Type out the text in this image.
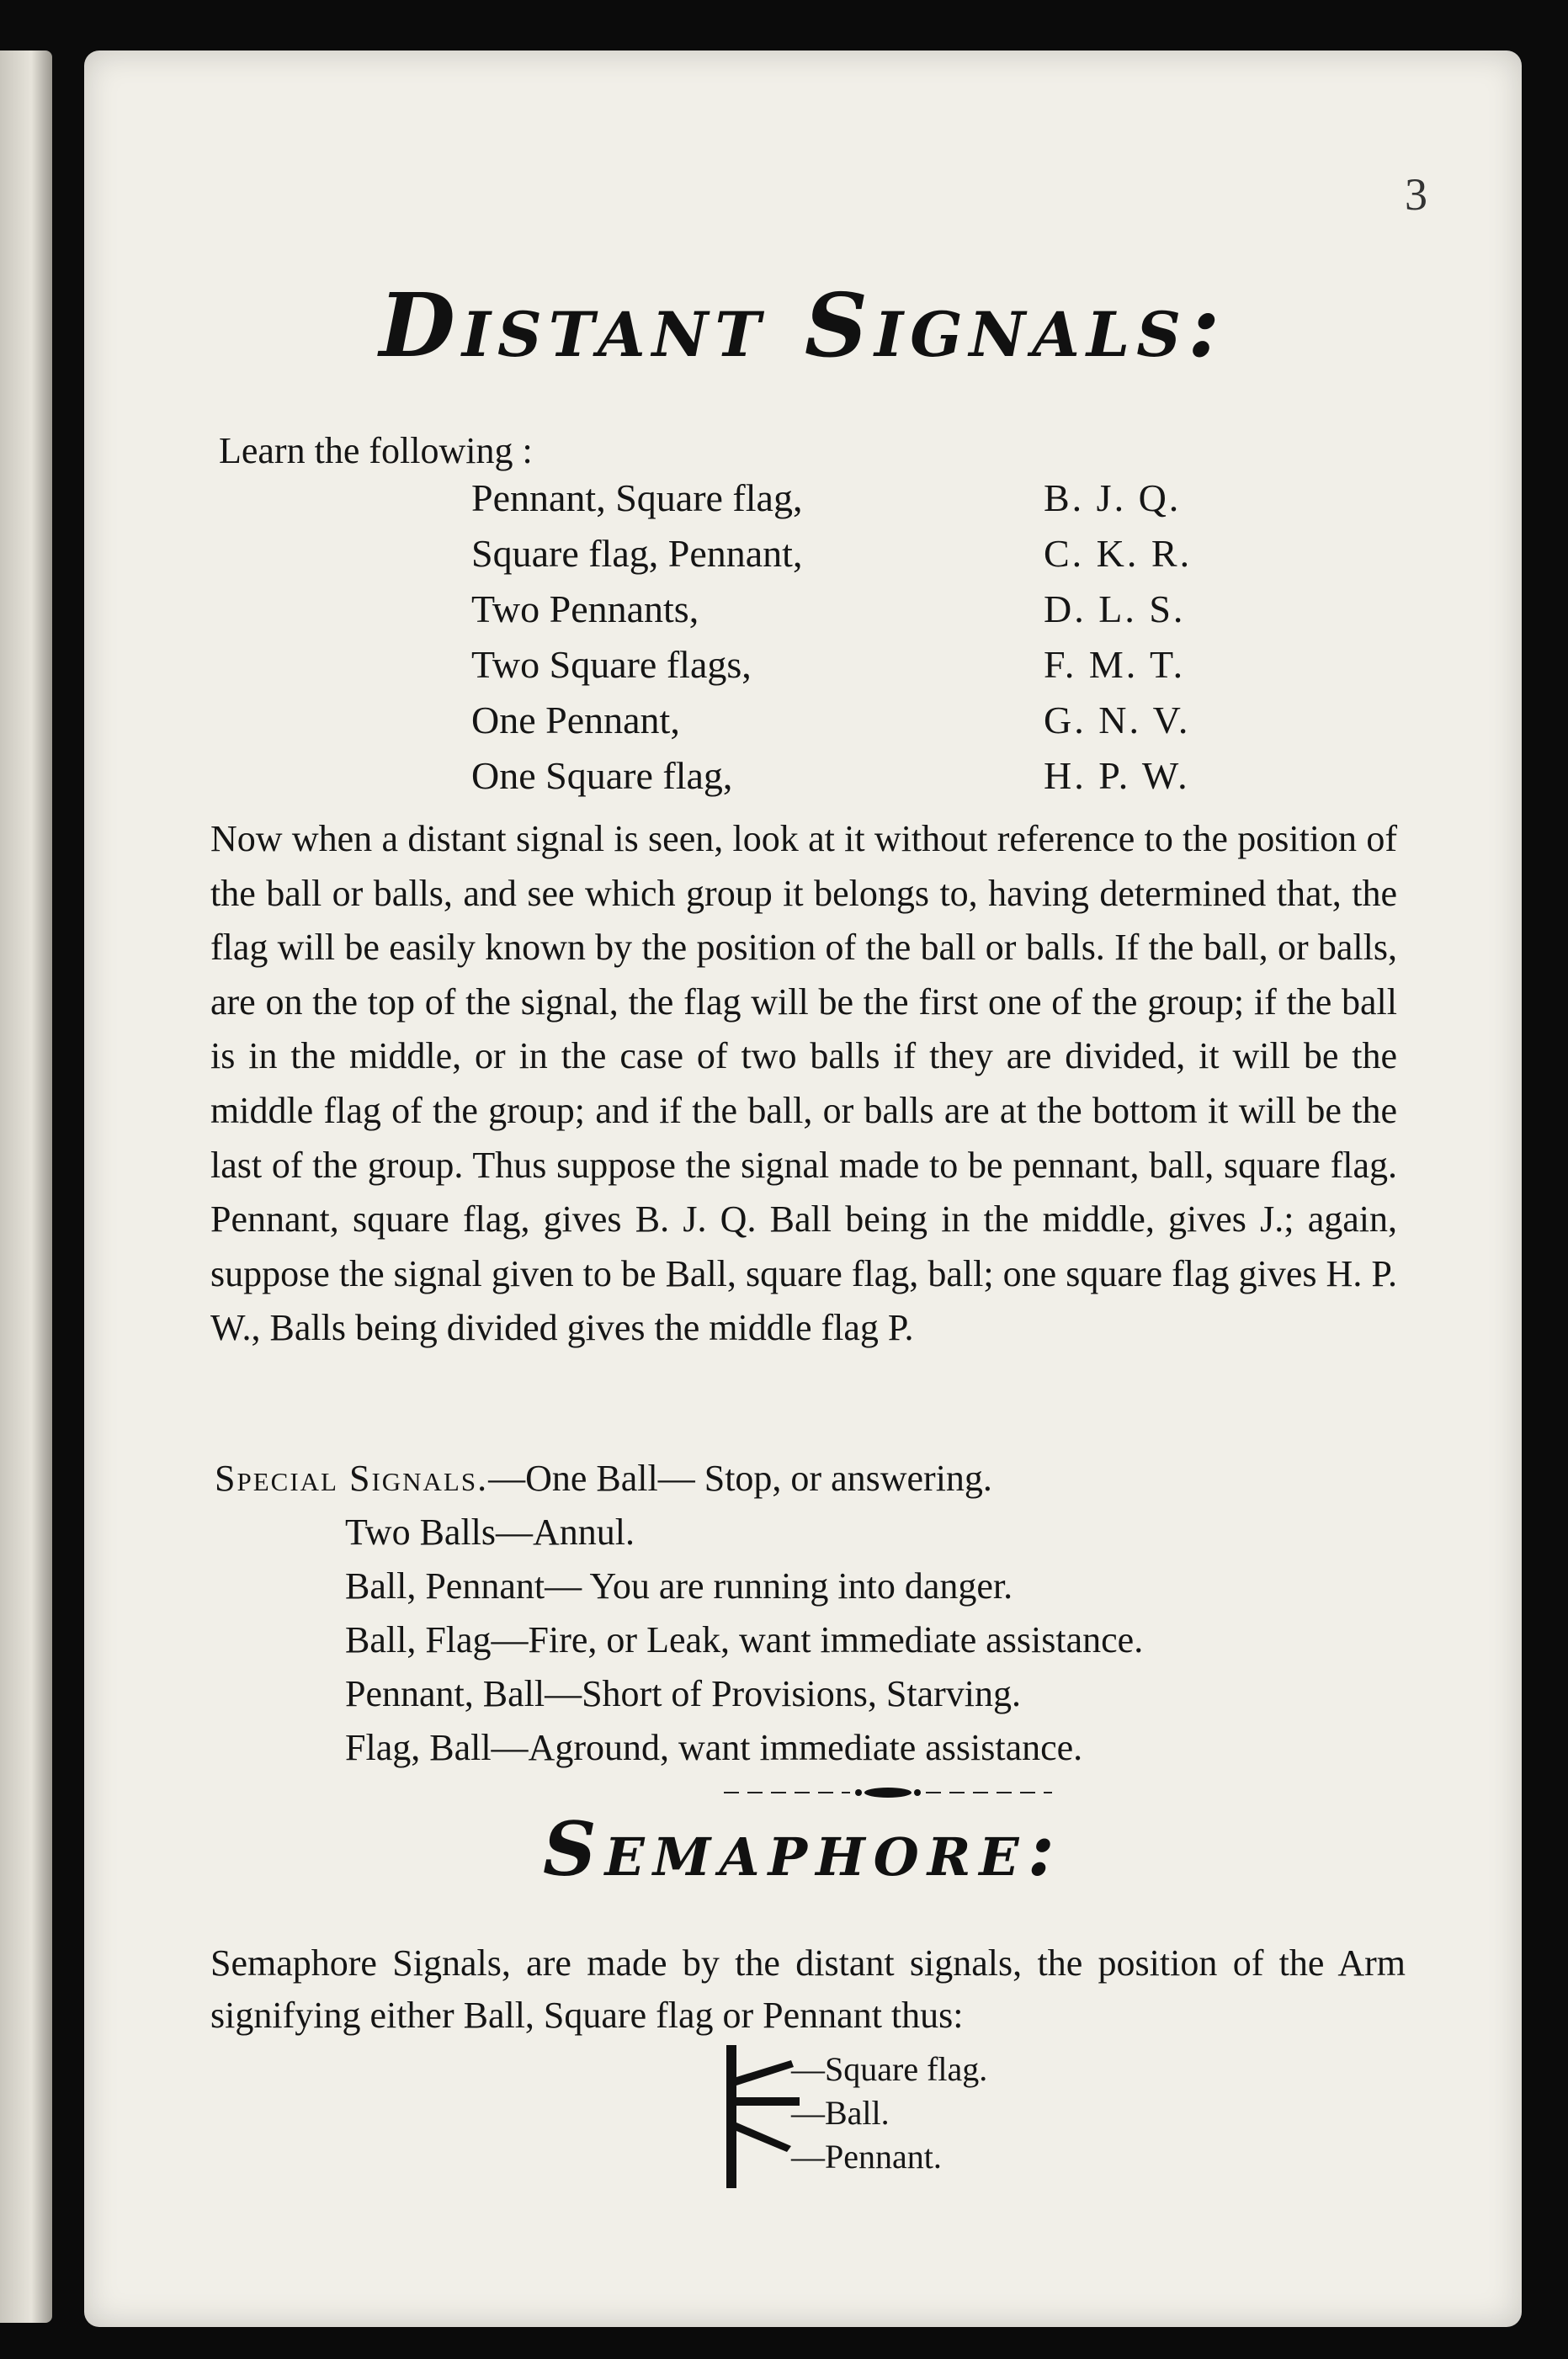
3
Distant Signals:
Learn the following :
Pennant, Square flag,	B. J. Q.
Square flag, Pennant,	C. K. R.
Two Pennants,	D. L. S.
Two Square flags,	F. M. T.
One Pennant,	G. N. V.
One Square flag,	H. P. W.
Now when a distant signal is seen, look at it without reference to the position of the ball or balls, and see which group it belongs to, having determined that, the flag will be easily known by the position of the ball or balls. If the ball, or balls, are on the top of the signal, the flag will be the first one of the group; if the ball is in the middle, or in the case of two balls if they are divided, it will be the middle flag of the group; and if the ball, or balls are at the bottom it will be the last of the group. Thus suppose the signal made to be pennant, ball, square flag. Pennant, square flag, gives B. J. Q. Ball being in the middle, gives J.; again, suppose the signal given to be Ball, square flag, ball; one square flag gives H. P. W., Balls being divided gives the middle flag P.
Special Signals.—One Ball— Stop, or answering.
Two Balls—Annul.
Ball, Pennant— You are running into danger.
Ball, Flag—Fire, or Leak, want immediate assistance.
Pennant, Ball—Short of Provisions, Starving.
Flag, Ball—Aground, want immediate assistance.
Semaphore:
Semaphore Signals, are made by the distant signals, the position of the Arm signifying either Ball, Square flag or Pennant thus:
—Square flag.
—Ball.
—Pennant.
